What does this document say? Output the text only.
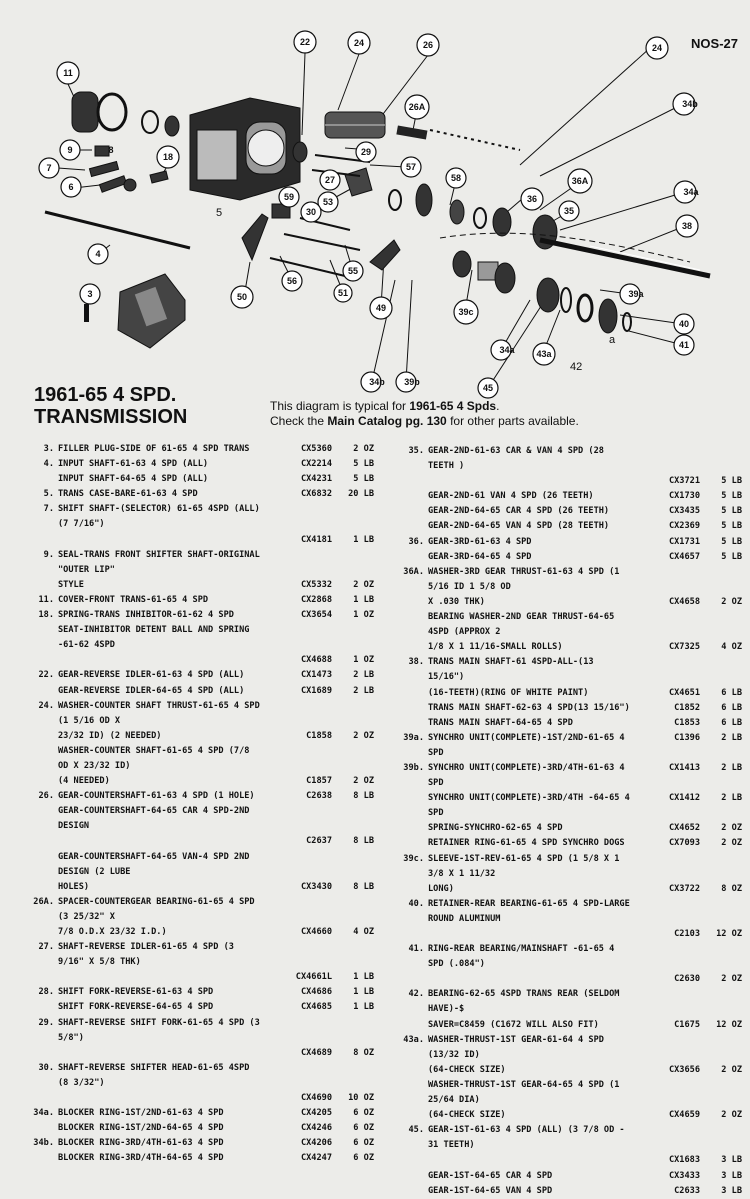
11
22	24	26	24
34b
26A
9
7
6
18	29
57
27
53
58
36
36A
34a
35
38
59
30
4
3	50
56
55
51
49	39c
34a 43a
39a
40
41
34b 39b
45
8
5
a
42
NOS-27
1961-65 4 SPD.
TRANSMISSION	This diagram is typical for 1961-65 4 Spds.
Check the Main Catalog pg. 130 for other parts available.
3. FILLER PLUG-SIDE OF 61-65 4 SPD TRANS	CX5360	2 OZ
4. INPUT SHAFT-61-63 4 SPD (ALL)	CX2214	5 LB
INPUT SHAFT-64-65 4 SPD (ALL)	CX4231	5 LB
5. TRANS CASE-BARE-61-63 4 SPD	CX6832	20 LB
7. SHIFT SHAFT-(SELECTOR) 61-65 4SPD (ALL) (7 7/16")
CX4181	1 LB
9. SEAL-TRANS FRONT SHIFTER SHAFT-ORIGINAL "OUTER LIP"
STYLE	CX5332	2 OZ
11. COVER-FRONT TRANS-61-65 4 SPD	CX2868	1 LB
18. SPRING-TRANS INHIBITOR-61-62 4 SPD	CX3654	1 OZ
SEAT-INHIBITOR DETENT BALL AND SPRING -61-62 4SPD
CX4688	1 OZ
22. GEAR-REVERSE IDLER-61-63 4 SPD (ALL)	CX1473	2 LB
GEAR-REVERSE IDLER-64-65 4 SPD (ALL)	CX1689	2 LB
24. WASHER-COUNTER SHAFT THRUST-61-65 4 SPD (1 5/16 OD X
23/32 ID) (2 NEEDED)	C1858	2 OZ
WASHER-COUNTER SHAFT-61-65 4 SPD (7/8 OD X 23/32 ID)
(4 NEEDED)	C1857	2 OZ
26. GEAR-COUNTERSHAFT-61-63 4 SPD (1 HOLE)	C2638	8 LB
GEAR-COUNTERSHAFT-64-65 CAR 4 SPD-2ND DESIGN
C2637	8 LB
GEAR-COUNTERSHAFT-64-65 VAN-4 SPD 2ND DESIGN (2 LUBE
HOLES)	CX3430	8 LB
26A. SPACER-COUNTERGEAR BEARING-61-65 4 SPD (3 25/32" X
7/8 O.D.X 23/32 I.D.)	CX4660	4 OZ
27. SHAFT-REVERSE IDLER-61-65 4 SPD (3 9/16" X 5/8 THK)
CX4661L	1 LB
28. SHIFT FORK-REVERSE-61-63 4 SPD	CX4686	1 LB
SHIFT FORK-REVERSE-64-65 4 SPD	CX4685	1 LB
29. SHAFT-REVERSE SHIFT FORK-61-65 4 SPD (3 5/8")
CX4689	8 OZ
30. SHAFT-REVERSE SHIFTER HEAD-61-65 4SPD (8 3/32")
CX4690	10 OZ
34a. BLOCKER RING-1ST/2ND-61-63 4 SPD	CX4205	6 OZ
BLOCKER RING-1ST/2ND-64-65 4 SPD	CX4246	6 OZ
34b. BLOCKER RING-3RD/4TH-61-63 4 SPD	CX4206	6 OZ
BLOCKER RING-3RD/4TH-64-65 4 SPD	CX4247	6 OZ
35. GEAR-2ND-61-63 CAR & VAN 4 SPD (28 TEETH )
CX3721	5 LB
GEAR-2ND-61 VAN 4 SPD (26 TEETH)	CX1730	5 LB
GEAR-2ND-64-65 CAR 4 SPD (26 TEETH)	CX3435	5 LB
GEAR-2ND-64-65 VAN 4 SPD (28 TEETH)	CX2369	5 LB
36. GEAR-3RD-61-63 4 SPD	CX1731	5 LB
GEAR-3RD-64-65 4 SPD	CX4657	5 LB
36A. WASHER-3RD GEAR THRUST-61-63 4 SPD (1 5/16 ID 1 5/8 OD
X .030 THK)	CX4658	2 OZ
BEARING WASHER-2ND GEAR THRUST-64-65 4SPD (APPROX 2
1/8 X 1 11/16-SMALL ROLLS)	CX7325	4 OZ
38. TRANS MAIN SHAFT-61 4SPD-ALL-(13 15/16")
(16-TEETH)(RING OF WHITE PAINT)	CX4651	6 LB
TRANS MAIN SHAFT-62-63 4 SPD(13 15/16")	C1852	6 LB
TRANS MAIN SHAFT-64-65 4 SPD	C1853	6 LB
39a. SYNCHRO UNIT(COMPLETE)-1ST/2ND-61-65 4 SPD
C1396	2 LB
39b. SYNCHRO UNIT(COMPLETE)-3RD/4TH-61-63 4 SPD
CX1413	2 LB
SYNCHRO UNIT(COMPLETE)-3RD/4TH -64-65 4 SPD
CX1412	2 LB
SPRING-SYNCHRO-62-65 4 SPD	CX4652	2 OZ
RETAINER RING-61-65 4 SPD SYNCHRO DOGS	CX7093	2 OZ
39c. SLEEVE-1ST-REV-61-65 4 SPD (1 5/8 X 1 3/8 X 1 11/32
LONG)	CX3722	8 OZ
40. RETAINER-REAR BEARING-61-65 4 SPD-LARGE ROUND ALUMINUM
C2103	12 OZ
41. RING-REAR BEARING/MAINSHAFT -61-65 4 SPD (.084")
C2630	2 OZ
42. BEARING-62-65 4SPD TRANS REAR (SELDOM HAVE)-$
SAVER=C8459 (C1672 WILL ALSO FIT)	C1675	12 OZ
43a. WASHER-THRUST-1ST GEAR-61-64 4 SPD (13/32 ID)
(64-CHECK SIZE)	CX3656	2 OZ
WASHER-THRUST-1ST GEAR-64-65 4 SPD (1 25/64 DIA)
(64-CHECK SIZE)	CX4659	2 OZ
45. GEAR-1ST-61-63 4 SPD (ALL) (3 7/8 OD - 31 TEETH)
CX1683	3 LB
GEAR-1ST-64-65 CAR 4 SPD	CX3433	3 LB
GEAR-1ST-64-65 VAN 4 SPD	C2633	3 LB
